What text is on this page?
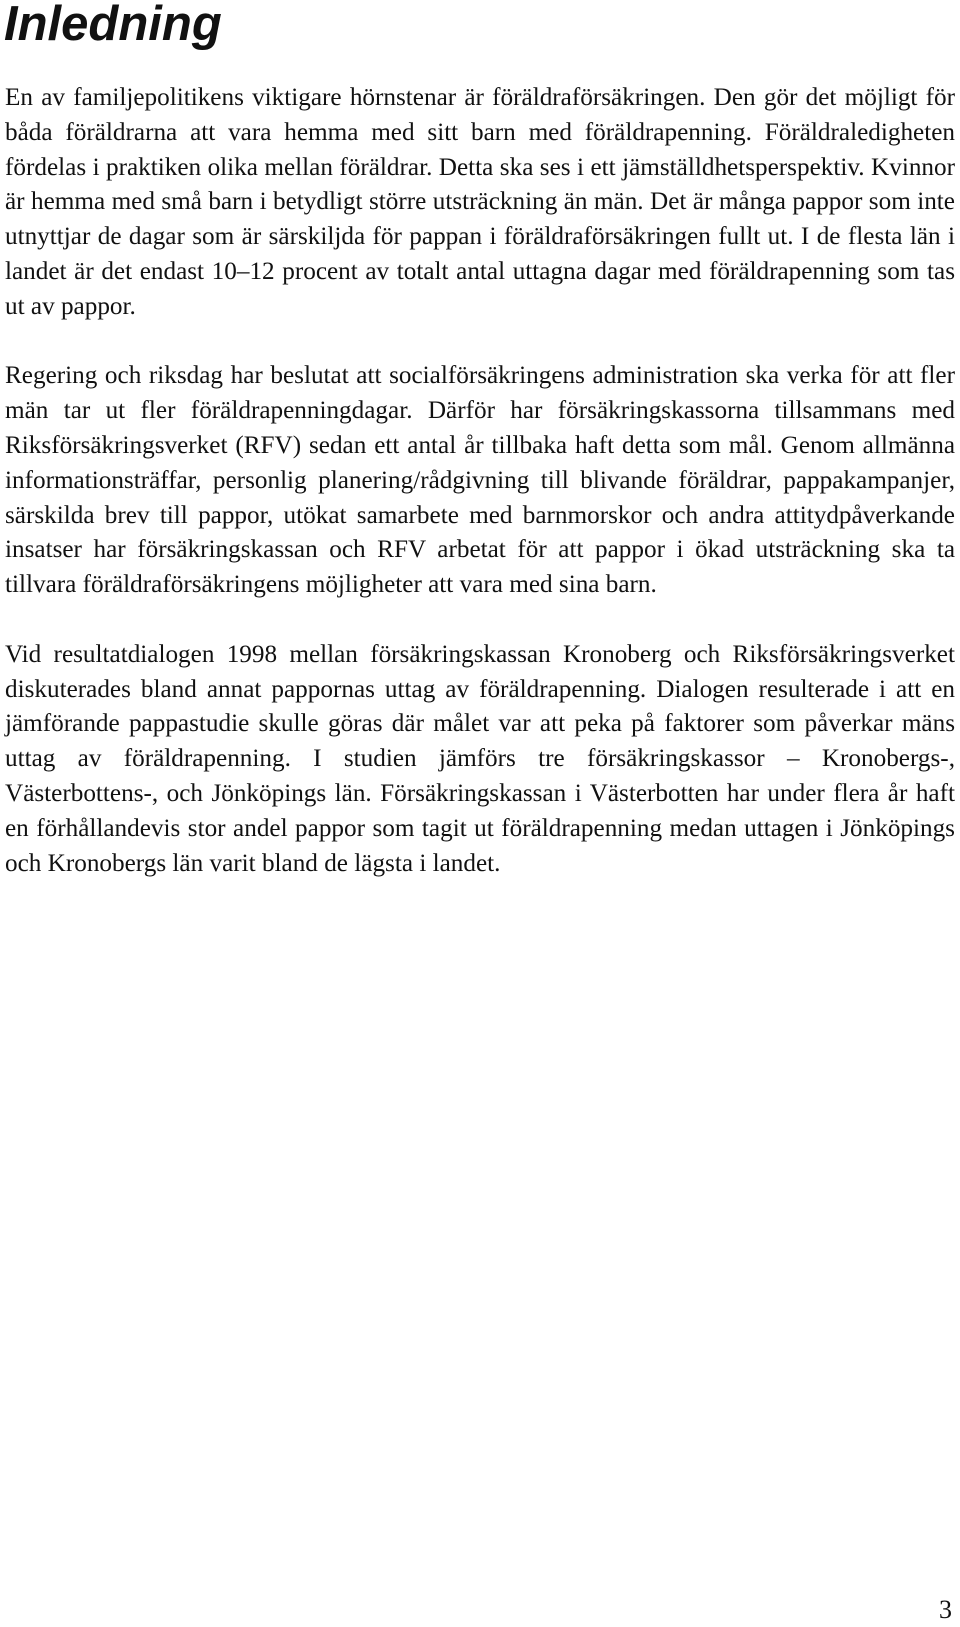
Inledning

En av familjepolitikens viktigare hörnstenar är föräldraförsäkringen. Den gör det möjligt för båda föräldrarna att vara hemma med sitt barn med föräldrapenning. Föräldraledigheten fördelas i praktiken olika mellan föräldrar. Detta ska ses i ett jämställdhetsperspektiv. Kvinnor är hemma med små barn i betydligt större utsträckning än män. Det är många pappor som inte utnyttjar de dagar som är särskiljda för pappan i föräldraförsäkringen fullt ut. I de flesta län i landet är det endast 10–12 procent av totalt antal uttagna dagar med föräldrapenning som tas ut av pappor.

Regering och riksdag har beslutat att socialförsäkringens administration ska verka för att fler män tar ut fler föräldrapenningdagar. Därför har försäkringskassorna tillsammans med Riksförsäkringsverket (RFV) sedan ett antal år tillbaka haft detta som mål. Genom allmänna informationsträffar, personlig planering/rådgivning till blivande föräldrar, pappakampanjer, särskilda brev till pappor, utökat samarbete med barnmorskor och andra attitydpåverkande insatser har försäkringskassan och RFV arbetat för att pappor i ökad utsträckning ska ta tillvara föräldraförsäkringens möjligheter att vara med sina barn.

Vid resultatdialogen 1998 mellan försäkringskassan Kronoberg och Riksförsäkringsverket diskuterades bland annat pappornas uttag av föräldrapenning. Dialogen resulterade i att en jämförande pappastudie skulle göras där målet var att peka på faktorer som påverkar mäns uttag av föräldrapenning. I studien jämförs tre försäkringskassor – Kronobergs-, Västerbottens-, och Jönköpings län. Försäkringskassan i Västerbotten har under flera år haft en förhållandevis stor andel pappor som tagit ut föräldrapenning medan uttagen i Jönköpings och Kronobergs län varit bland de lägsta i landet.

3
